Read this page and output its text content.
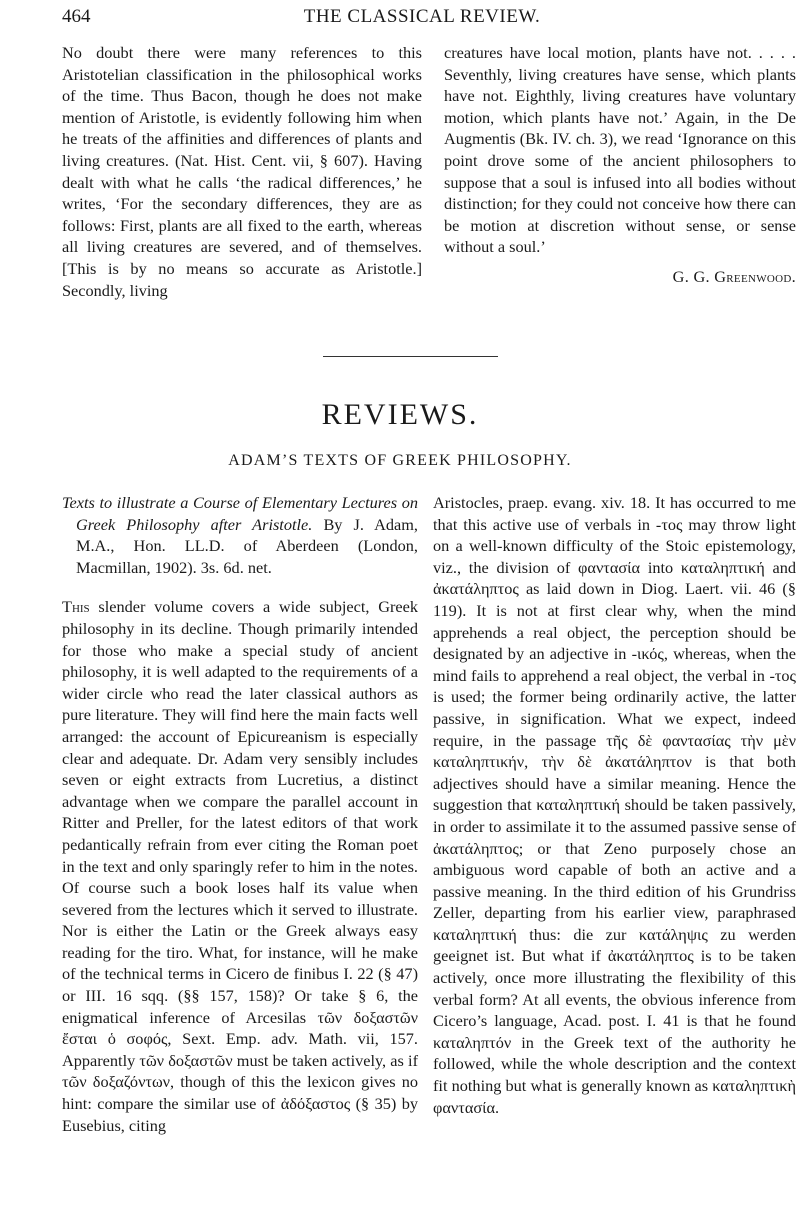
464	THE CLASSICAL REVIEW.

No doubt there were many references to this Aristotelian classification in the philosophical works of the time. Thus Bacon, though he does not make mention of Aristotle, is evidently following him when he treats of the affinities and differences of plants and living creatures. (Nat. Hist. Cent. vii, § 607). Having dealt with what he calls ‘the radical differences,’ he writes, ‘For the secondary differences, they are as follows: First, plants are all fixed to the earth, whereas all living creatures are severed, and of themselves. [This is by no means so accurate as Aristotle.] Secondly, living

creatures have local motion, plants have not. . . . . Seventhly, living creatures have sense, which plants have not. Eighthly, living creatures have voluntary motion, which plants have not.’ Again, in the De Augmentis (Bk. IV. ch. 3), we read ‘Ignorance on this point drove some of the ancient philosophers to suppose that a soul is infused into all bodies without distinction; for they could not conceive how there can be motion at discretion without sense, or sense without a soul.’

G. G. Greenwood.

REVIEWS.
ADAM’S TEXTS OF GREEK PHILOSOPHY.

Texts to illustrate a Course of Elementary Lectures on Greek Philosophy after Aristotle. By J. Adam, M.A., Hon. LL.D. of Aberdeen (London, Macmillan, 1902). 3s. 6d. net.

This slender volume covers a wide subject, Greek philosophy in its decline. Though primarily intended for those who make a special study of ancient philosophy, it is well adapted to the requirements of a wider circle who read the later classical authors as pure literature. They will find here the main facts well arranged: the account of Epicureanism is especially clear and adequate. Dr. Adam very sensibly includes seven or eight extracts from Lucretius, a distinct advantage when we compare the parallel account in Ritter and Preller, for the latest editors of that work pedantically refrain from ever citing the Roman poet in the text and only sparingly refer to him in the notes. Of course such a book loses half its value when severed from the lectures which it served to illustrate. Nor is either the Latin or the Greek always easy reading for the tiro. What, for instance, will he make of the technical terms in Cicero de finibus I. 22 (§ 47) or III. 16 sqq. (§§ 157, 158)? Or take § 6, the enigmatical inference of Arcesilas τῶν δοξαστῶν ἔσται ὁ σοφός, Sext. Emp. adv. Math. vii, 157. Apparently τῶν δοξαστῶν must be taken actively, as if τῶν δοξαζόντων, though of this the lexicon gives no hint: compare the similar use of ἀδόξαστος (§ 35) by Eusebius, citing

Aristocles, praep. evang. xiv. 18. It has occurred to me that this active use of verbals in -τος may throw light on a well-known difficulty of the Stoic epistemology, viz., the division of φαντασία into καταληπτική and ἀκατάληπτος as laid down in Diog. Laert. vii. 46 (§ 119). It is not at first clear why, when the mind apprehends a real object, the perception should be designated by an adjective in -ικός, whereas, when the mind fails to apprehend a real object, the verbal in -τος is used; the former being ordinarily active, the latter passive, in signification. What we expect, indeed require, in the passage τῆς δὲ φαντασίας τὴν μὲν καταληπτικήν, τὴν δὲ ἀκατάληπτον is that both adjectives should have a similar meaning. Hence the suggestion that καταληπτική should be taken passively, in order to assimilate it to the assumed passive sense of ἀκατάληπτος; or that Zeno purposely chose an ambiguous word capable of both an active and a passive meaning. In the third edition of his Grundriss Zeller, departing from his earlier view, paraphrased καταληπτική thus: die zur κατάληψις zu werden geeignet ist. But what if ἀκατάληπτος is to be taken actively, once more illustrating the flexibility of this verbal form? At all events, the obvious inference from Cicero’s language, Acad. post. I. 41 is that he found καταληπτόν in the Greek text of the authority he followed, while the whole description and the context fit nothing but what is generally known as καταληπτικὴ φαντασία.
